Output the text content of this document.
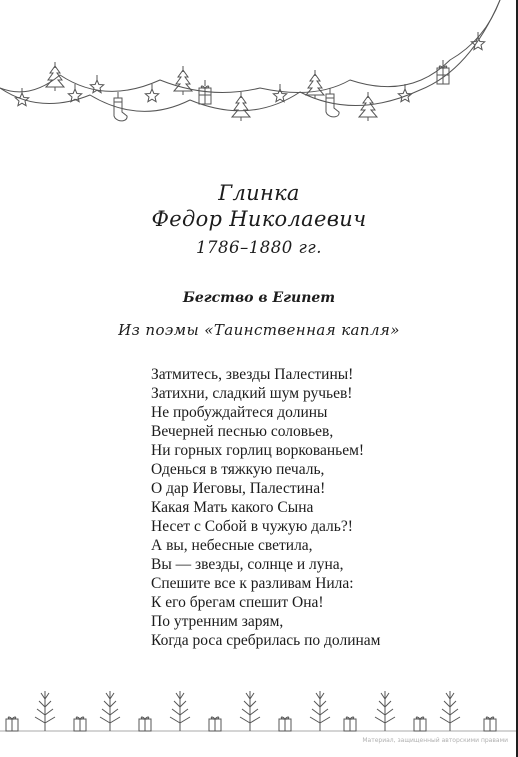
Глинка
Федор Николаевич
1786–1880 гг.
Бегство в Египет
Из поэмы «Таинственная капля»
Затмитесь, звезды Палестины!
Затихни, сладкий шум ручьев!
Не пробуждайтеся долины
Вечерней песнью соловьев,
Ни горных горлиц воркованьем!
Оденься в тяжкую печаль,
О дар Иеговы, Палестина!
Какая Мать какого Сына
Несет с Собой в чужую даль?!
А вы, небесные светила,
Вы — звезды, солнце и луна,
Спешите все к разливам Нила:
К его брегам спешит Она!
По утренним зарям,
Когда роса сребрилась по долинам
Материал, защищенный авторскими правами
